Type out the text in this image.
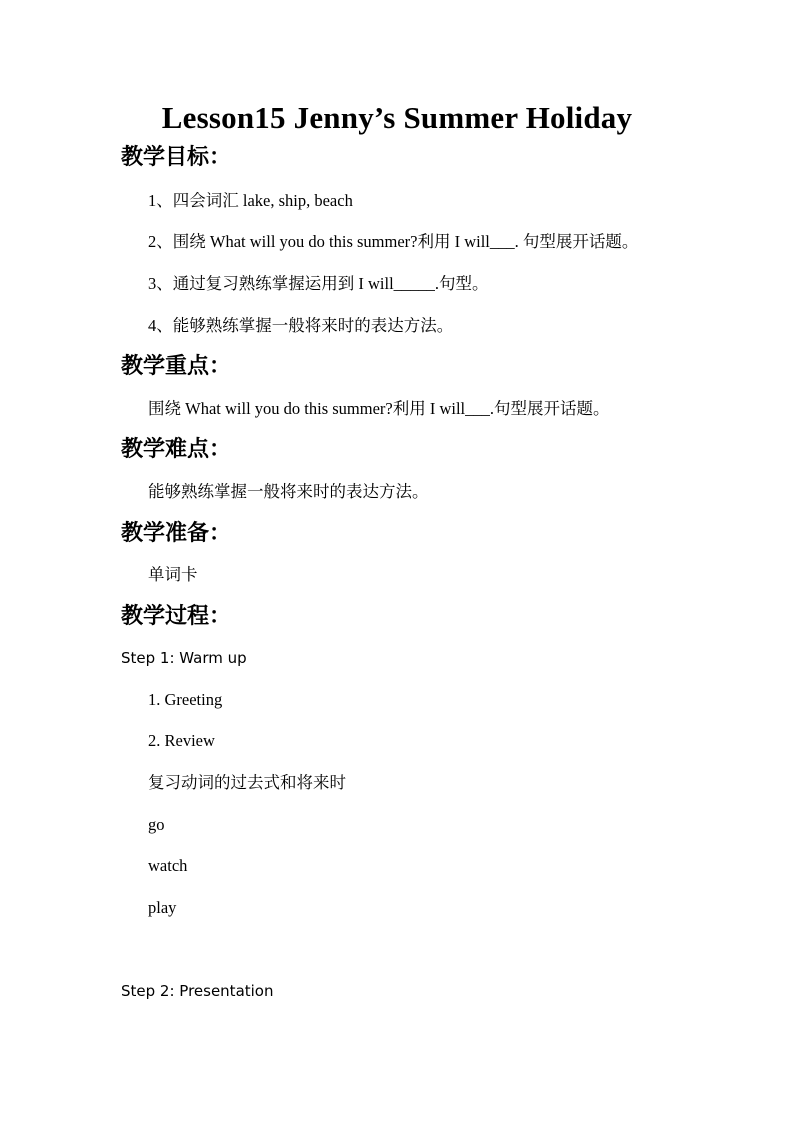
Lesson15 Jenny’s Summer Holiday
教学目标：
1、四会词汇 lake, ship, beach
2、围绕 What will you do this summer?利用 I will___. 句型展开话题。
3、通过复习熟练掌握运用到 I will_____.句型。
4、能够熟练掌握一般将来时的表达方法。
教学重点：
围绕 What will you do this summer?利用 I will___.句型展开话题。
教学难点：
能够熟练掌握一般将来时的表达方法。
教学准备：
单词卡
教学过程：
Step 1: Warm up
1. Greeting
2. Review
复习动词的过去式和将来时
go
watch
play
Step 2: Presentation
